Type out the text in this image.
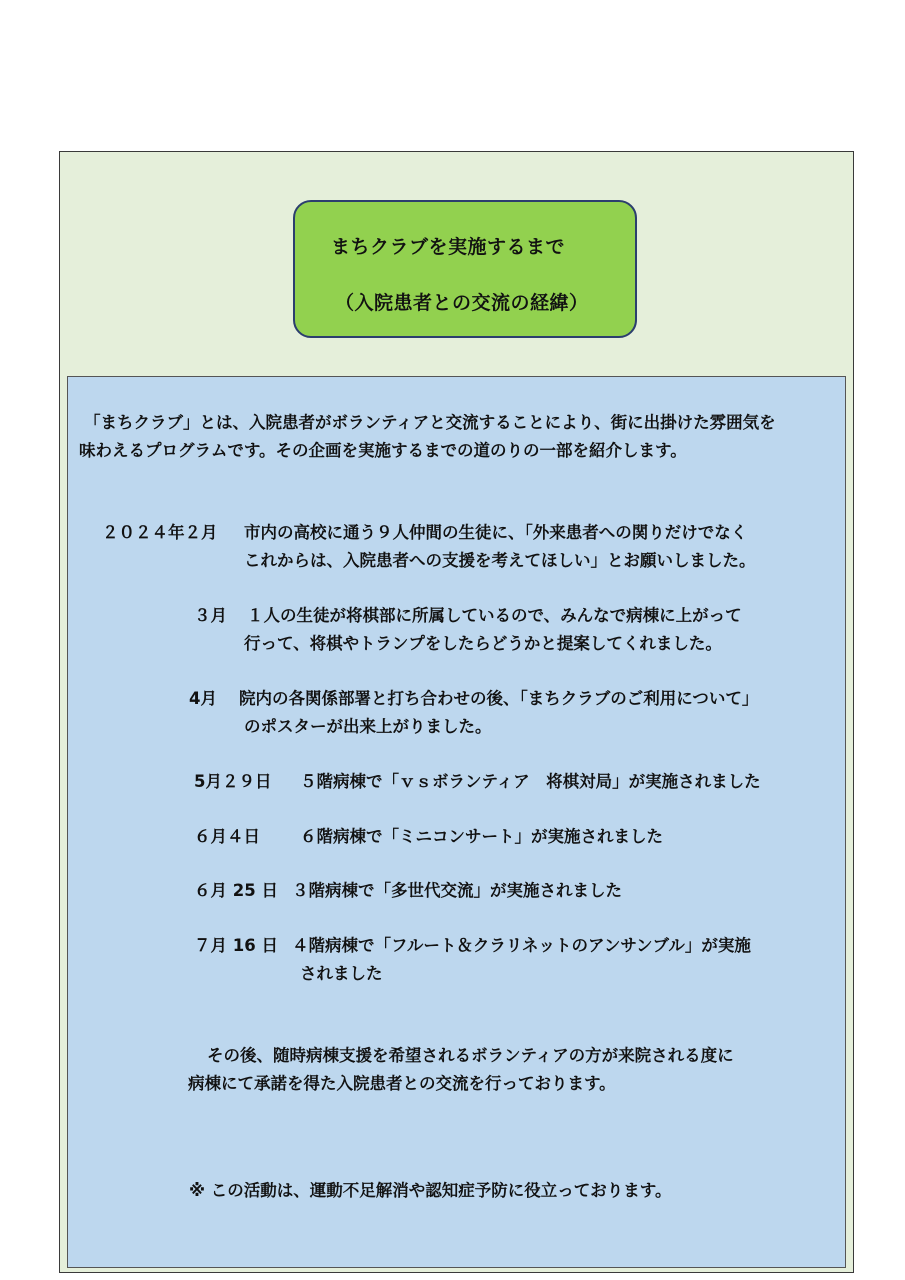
まちクラブを実施するまで
（入院患者との交流の経緯）
「まちクラブ」とは、入院患者がボランティアと交流することにより、街に出掛けた雰囲気を
味わえるプログラムです。その企画を実施するまでの道のりの一部を紹介します。
２０２４年２月 市内の高校に通う９人仲間の生徒に、「外来患者への関りだけでなく
これからは、入院患者への支援を考えてほしい」とお願いしました。
３月 １人の生徒が将棋部に所属しているので、みんなで病棟に上がって
行って、将棋やトランプをしたらどうかと提案してくれました。
4月 院内の各関係部署と打ち合わせの後、「まちクラブのご利用について」
のポスターが出来上がりました。
5月２９日 ５階病棟で「ｖｓボランティア　将棋対局」が実施されました
６月４日 ６階病棟で「ミニコンサート」が実施されました
６月 25 日 ３階病棟で「多世代交流」が実施されました
７月 16 日 ４階病棟で「フルート＆クラリネットのアンサンブル」が実施
されました
その後、随時病棟支援を希望されるボランティアの方が来院される度に
病棟にて承諾を得た入院患者との交流を行っております。
※ この活動は、運動不足解消や認知症予防に役立っております。
